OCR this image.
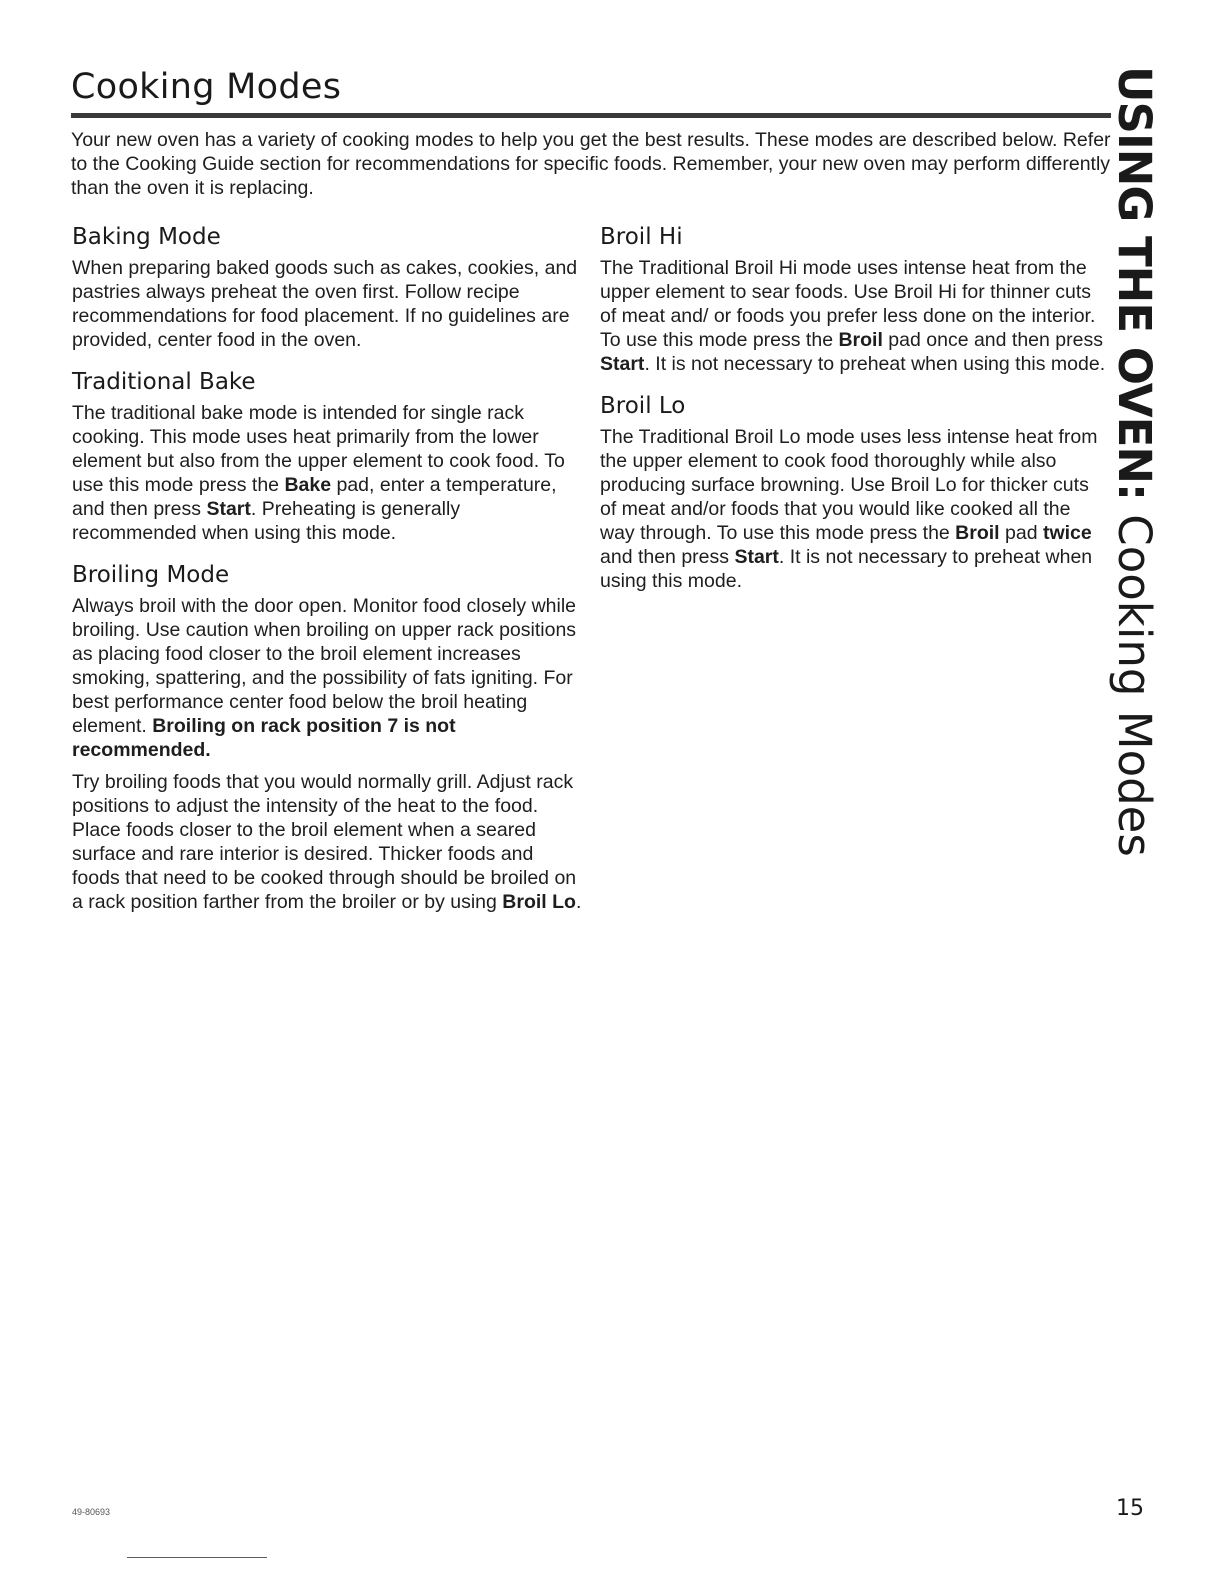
Cooking Modes

Your new oven has a variety of cooking modes to help you get the best results. These modes are described below. Refer to the Cooking Guide section for recommendations for specific foods. Remember, your new oven may perform differently than the oven it is replacing.

Baking Mode

When preparing baked goods such as cakes, cookies, and pastries always preheat the oven first. Follow recipe recommendations for food placement. If no guidelines are provided, center food in the oven.

Traditional Bake

The traditional bake mode is intended for single rack cooking. This mode uses heat primarily from the lower element but also from the upper element to cook food. To use this mode press the Bake pad, enter a temperature, and then press Start. Preheating is generally recommended when using this mode.

Broiling Mode

Always broil with the door open. Monitor food closely while broiling. Use caution when broiling on upper rack positions as placing food closer to the broil element increases smoking, spattering, and the possibility of fats igniting. For best performance center food below the broil heating element. Broiling on rack position 7 is not recommended.

Try broiling foods that you would normally grill. Adjust rack positions to adjust the intensity of the heat to the food. Place foods closer to the broil element when a seared surface and rare interior is desired. Thicker foods and foods that need to be cooked through should be broiled on a rack position farther from the broiler or by using Broil Lo.

Broil Hi

The Traditional Broil Hi mode uses intense heat from the upper element to sear foods. Use Broil Hi for thinner cuts of meat and/ or foods you prefer less done on the interior. To use this mode press the Broil pad once and then press Start. It is not necessary to preheat when using this mode.

Broil Lo

The Traditional Broil Lo mode uses less intense heat from the upper element to cook food thoroughly while also producing surface browning. Use Broil Lo for thicker cuts of meat and/or foods that you would like cooked all the way through. To use this mode press the Broil pad twice and then press Start. It is not necessary to preheat when using this mode.

USING THE OVEN: Cooking Modes
49-80693	15
